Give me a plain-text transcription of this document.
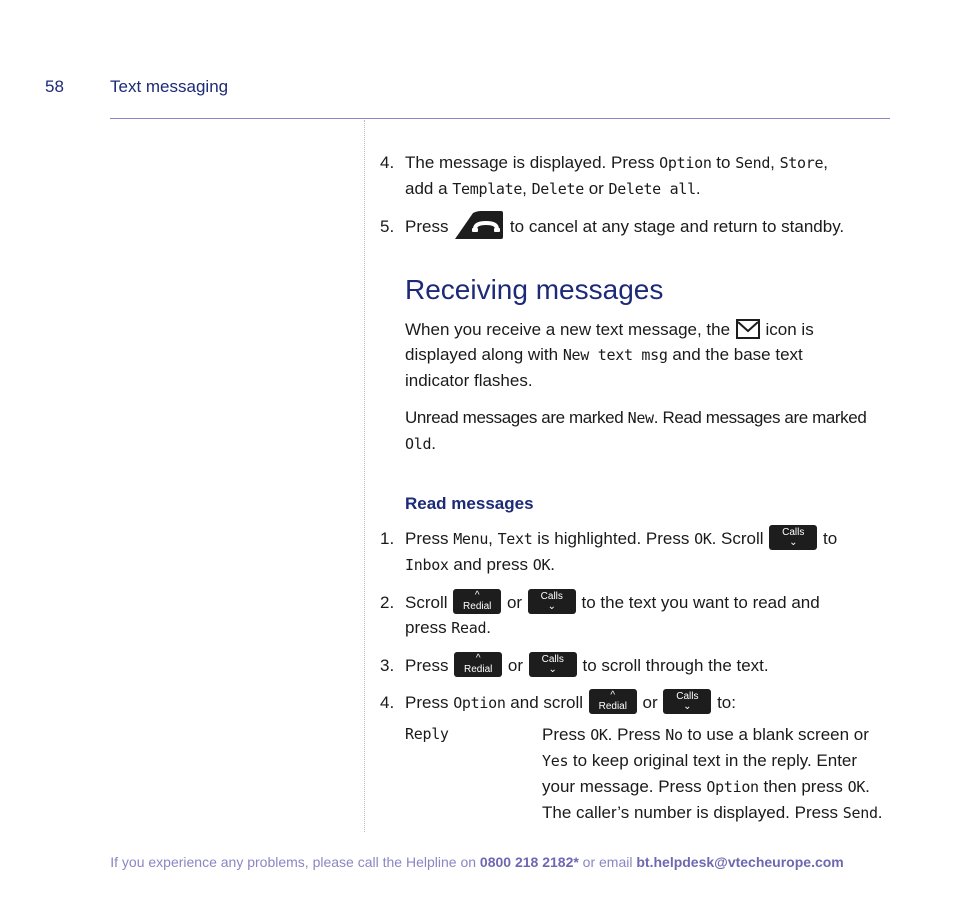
58	Text messaging
4. The message is displayed. Press Option to Send, Store,
add a Template, Delete or Delete all.
5. Press	to cancel at any stage and return to standby.
Receiving messages
When you receive a new text message, the  icon is
displayed along with New text msg and the base text
indicator flashes.
Unread messages are marked New. Read messages are marked Old.
Read messages
1. Press Menu, Text is highlighted. Press OK. Scroll	Calls
⌄	to
Inbox and press OK.
2. Scroll	^
Redial or	Calls
⌄	to the text you want to read and
press Read.
3. Press	^
Redial or	Calls
⌄	to scroll through the text.
4. Press Option and scroll	^
Redial or	Calls
⌄	to:
Reply	Press OK. Press No to use a blank screen or
Yes to keep original text in the reply. Enter
your message. Press Option then press OK.
The caller’s number is displayed. Press Send.
If you experience any problems, please call the Helpline on 0800 218 2182* or email bt.helpdesk@vtecheurope.com
